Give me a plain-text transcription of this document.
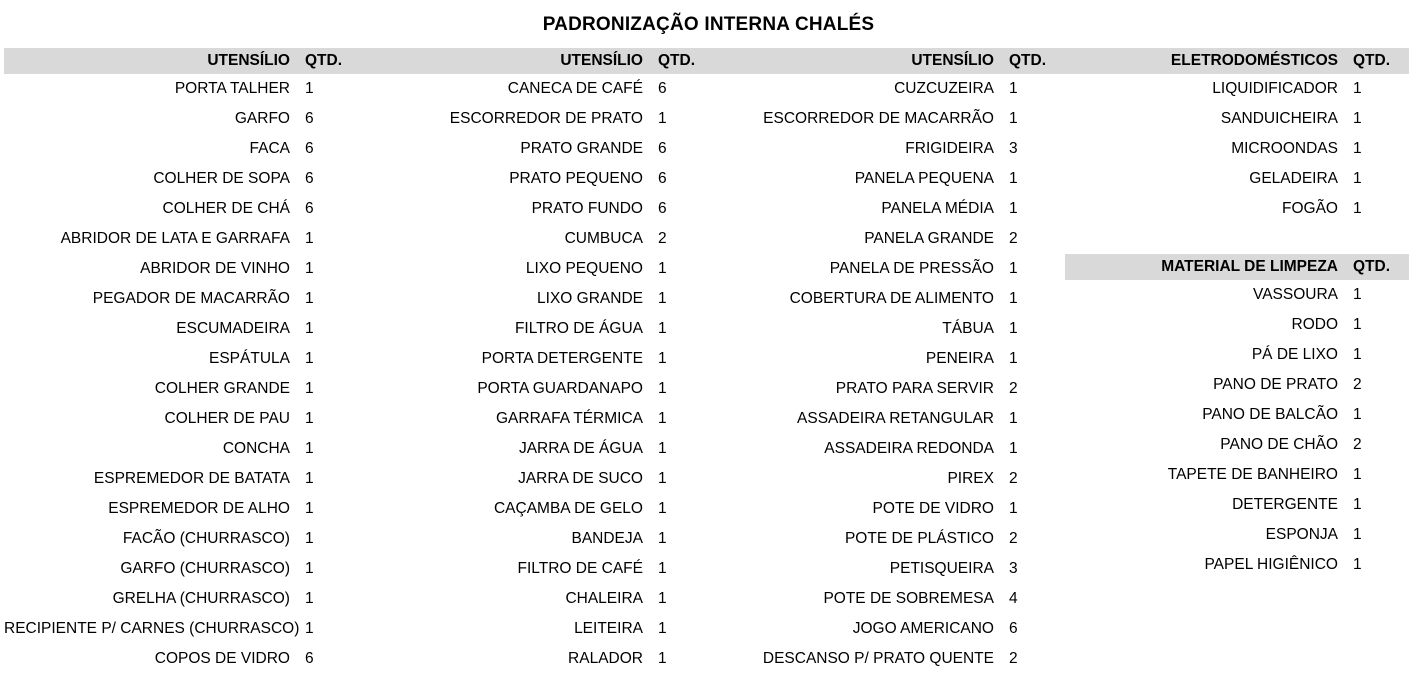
PADRONIZAÇÃO INTERNA CHALÉS
UTENSÍLIO	QTD.
PORTA TALHER	1
GARFO	6
FACA	6
COLHER DE SOPA	6
COLHER DE CHÁ	6
ABRIDOR DE LATA E GARRAFA	1
ABRIDOR DE VINHO	1
PEGADOR DE MACARRÃO	1
ESCUMADEIRA	1
ESPÁTULA	1
COLHER GRANDE	1
COLHER DE PAU	1
CONCHA	1
ESPREMEDOR DE BATATA	1
ESPREMEDOR DE ALHO	1
FACÃO (CHURRASCO)	1
GARFO (CHURRASCO)	1
GRELHA (CHURRASCO)	1
RECIPIENTE P/ CARNES (CHURRASCO)	1
COPOS DE VIDRO	6
UTENSÍLIO	QTD.
CANECA DE CAFÉ	6
ESCORREDOR DE PRATO	1
PRATO GRANDE	6
PRATO PEQUENO	6
PRATO FUNDO	6
CUMBUCA	2
LIXO PEQUENO	1
LIXO GRANDE	1
FILTRO DE ÁGUA	1
PORTA DETERGENTE	1
PORTA GUARDANAPO	1
GARRAFA TÉRMICA	1
JARRA DE ÁGUA	1
JARRA DE SUCO	1
CAÇAMBA DE GELO	1
BANDEJA	1
FILTRO DE CAFÉ	1
CHALEIRA	1
LEITEIRA	1
RALADOR	1
UTENSÍLIO	QTD.
CUZCUZEIRA	1
ESCORREDOR DE MACARRÃO	1
FRIGIDEIRA	3
PANELA PEQUENA	1
PANELA MÉDIA	1
PANELA GRANDE	2
PANELA DE PRESSÃO	1
COBERTURA DE ALIMENTO	1
TÁBUA	1
PENEIRA	1
PRATO PARA SERVIR	2
ASSADEIRA RETANGULAR	1
ASSADEIRA REDONDA	1
PIREX	2
POTE DE VIDRO	1
POTE DE PLÁSTICO	2
PETISQUEIRA	3
POTE DE SOBREMESA	4
JOGO AMERICANO	6
DESCANSO P/ PRATO QUENTE	2
ELETRODOMÉSTICOS	QTD.
LIQUIDIFICADOR	1
SANDUICHEIRA	1
MICROONDAS	1
GELADEIRA	1
FOGÃO	1
MATERIAL DE LIMPEZA	QTD.
VASSOURA	1
RODO	1
PÁ DE LIXO	1
PANO DE PRATO	2
PANO DE BALCÃO	1
PANO DE CHÃO	2
TAPETE DE BANHEIRO	1
DETERGENTE	1
ESPONJA	1
PAPEL HIGIÊNICO	1
